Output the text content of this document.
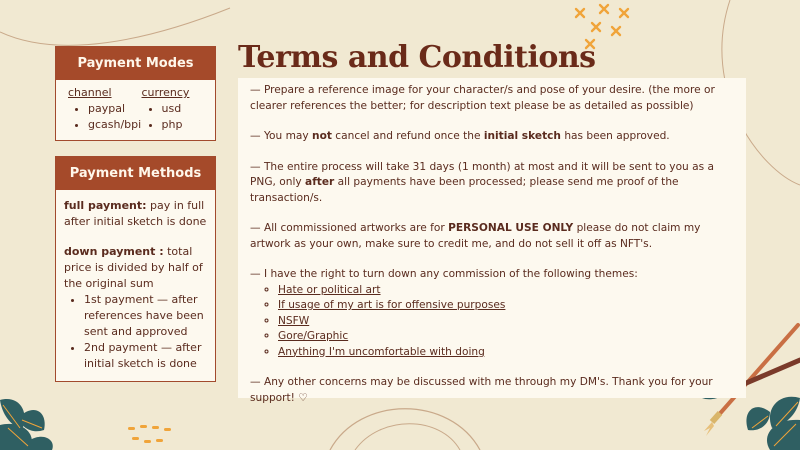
Payment Modes
channel
• paypal
• gcash/bpi
currency
• usd
• php
Payment Methods

full payment: pay in full after initial sketch is done

down payment : total price is divided by half of the original sum
• 1st payment — after references have been sent and approved
• 2nd payment — after initial sketch is done
Terms and Conditions

— Prepare a reference image for your character/s and pose of your desire. (the more or clearer references the better; for description text please be as detailed as possible)

— You may not cancel and refund once the initial sketch has been approved.

— The entire process will take 31 days (1 month) at most and it will be sent to you as a PNG, only after all payments have been processed; please send me proof of the transaction/s.

— All commissioned artworks are for PERSONAL USE ONLY please do not claim my artwork as your own, make sure to credit me, and do not sell it off as NFT's.

— I have the right to turn down any commission of the following themes:
◦ Hate or political art
◦ If usage of my art is for offensive purposes
◦ NSFW
◦ Gore/Graphic
◦ Anything I'm uncomfortable with doing

— Any other concerns may be discussed with me through my DM's. Thank you for your support! ♡
